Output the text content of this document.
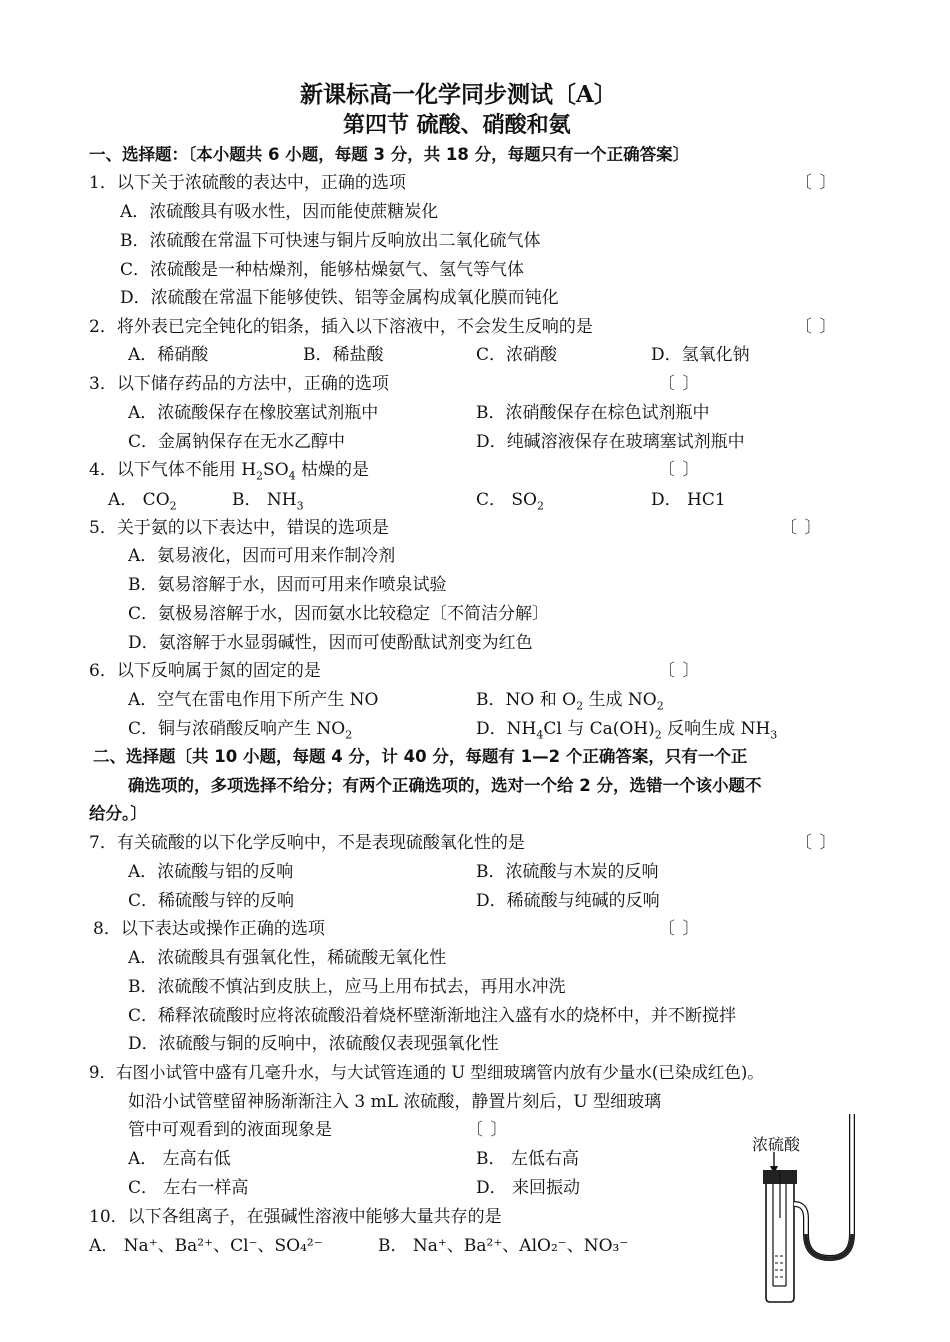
新课标高一化学同步测试〔A〕
第四节 硫酸、硝酸和氨
一、选择题：〔本小题共 6 小题，每题 3 分，共 18 分，每题只有一个正确答案〕
1．以下关于浓硫酸的表达中，正确的选项	〔 〕
A．浓硫酸具有吸水性，因而能使蔗糖炭化
B．浓硫酸在常温下可快速与铜片反响放出二氧化硫气体
C．浓硫酸是一种枯燥剂，能够枯燥氨气、氢气等气体
D．浓硫酸在常温下能够使铁、铝等金属构成氧化膜而钝化
2．将外表已完全钝化的铝条，插入以下溶液中，不会发生反响的是	〔 〕
A．稀硝酸	B．稀盐酸	C．浓硝酸	D．氢氧化钠
3．以下储存药品的方法中，正确的选项	〔 〕
A．浓硫酸保存在橡胶塞试剂瓶中	B．浓硝酸保存在棕色试剂瓶中
C．金属钠保存在无水乙醇中	D．纯碱溶液保存在玻璃塞试剂瓶中
4．以下气体不能用 $H_2SO_4$ 枯燥的是	〔 〕
A． $CO_2$	B． $NH_3$	C． $SO_2$	D． HC1
5．关于氨的以下表达中，错误的选项是	〔 〕
A．氨易液化，因而可用来作制冷剂
B．氨易溶解于水，因而可用来作喷泉试验
C．氨极易溶解于水，因而氨水比较稳定〔不简洁分解〕
D．氨溶解于水显弱碱性，因而可使酚酞试剂变为红色
6．以下反响属于氮的固定的是	〔 〕
A．空气在雷电作用下所产生 NO	B．NO 和 $O_2$ 生成 $NO_2$
C．铜与浓硝酸反响产生 $NO_2$	D．$NH_4Cl$ 与 $Ca(OH)_2$ 反响生成 $NH_3$
二、选择题〔共 10 小题，每题 4 分，计 40 分，每题有 1—2 个正确答案，只有一个正
确选项的，多项选择不给分；有两个正确选项的，选对一个给 2 分，选错一个该小题不
给分。〕
7．有关硫酸的以下化学反响中，不是表现硫酸氧化性的是	〔 〕
A．浓硫酸与铝的反响	B．浓硫酸与木炭的反响
C．稀硫酸与锌的反响	D．稀硫酸与纯碱的反响
8．以下表达或操作正确的选项	〔 〕
A．浓硫酸具有强氧化性，稀硫酸无氧化性
B．浓硫酸不慎沾到皮肤上，应马上用布拭去，再用水冲洗
C．稀释浓硫酸时应将浓硫酸沿着烧杯壁渐渐地注入盛有水的烧杯中，并不断搅拌
D．浓硫酸与铜的反响中，浓硫酸仅表现强氧化性
9．右图小试管中盛有几毫升水，与大试管连通的 U 型细玻璃管内放有少量水(已染成红色)。
如沿小试管壁留神肠渐渐注入 3 mL 浓硫酸，静置片刻后，U 型细玻璃
管中可观看到的液面现象是	〔 〕
A． 左高右低	B． 左低右高
C． 左右一样高	D． 来回振动
10．以下各组离子，在强碱性溶液中能够大量共存的是
A． Na⁺、Ba²⁺、Cl⁻、SO₄²⁻	B． Na⁺、Ba²⁺、AlO₂⁻、NO₃⁻
浓硫酸
